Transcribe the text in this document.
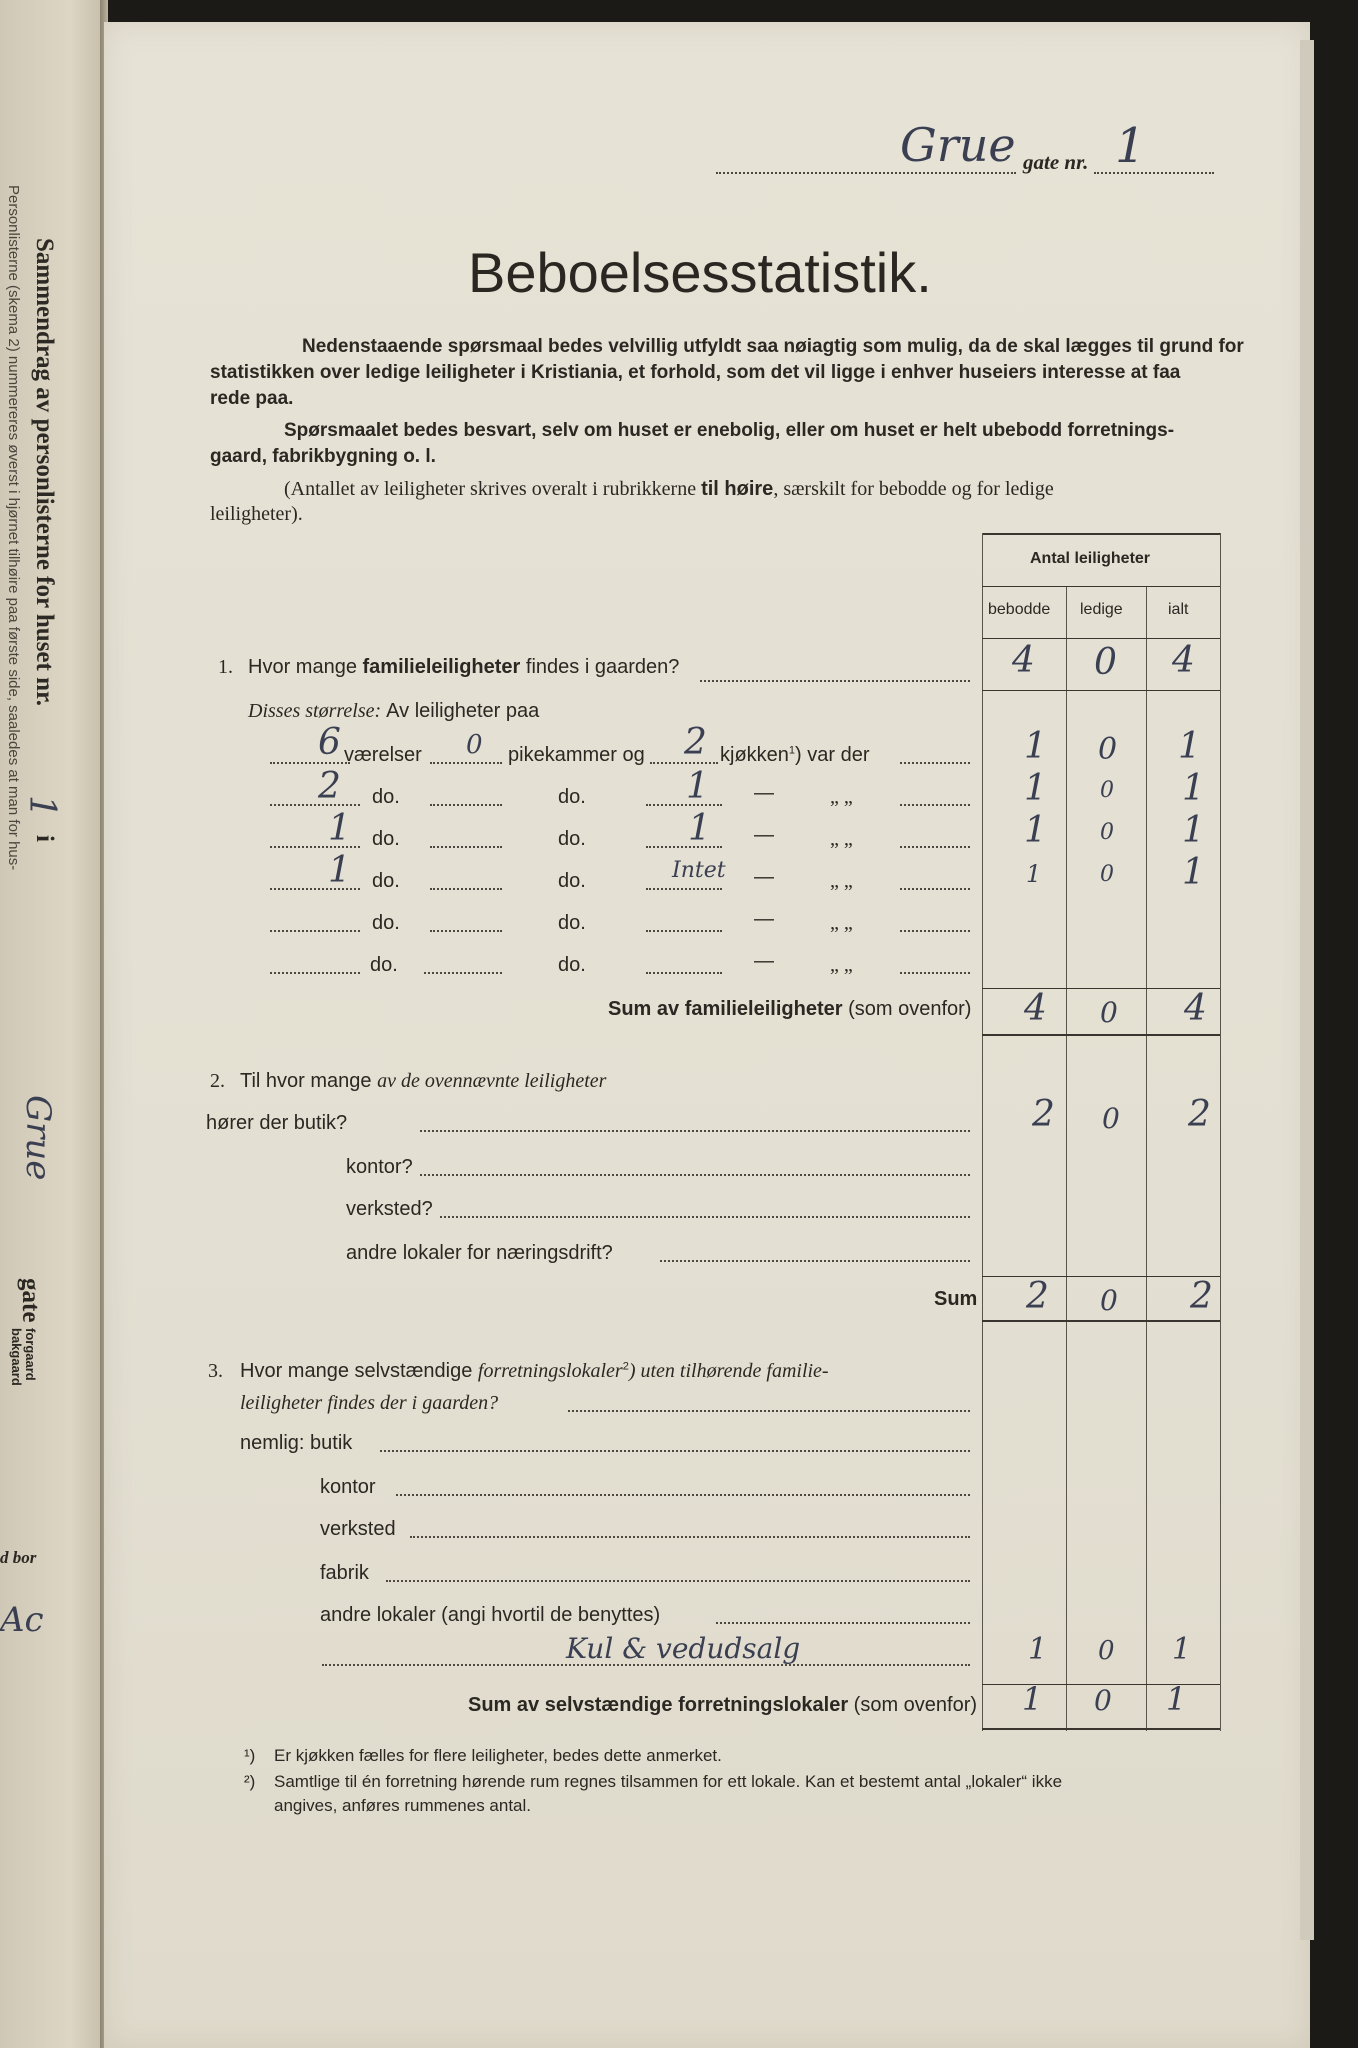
Personlisterne (skema 2) nummereres øverst i hjørnet tilhøire paa første side, saaledes at man for hus- Sammendrag av personlisterne for huset nr.
1
i
Grue
gate
forgaard
bakgaard
d bor
Ac
Grue gate nr. 1
Beboelsesstatistik.
Nedenstaaende spørsmaal bedes velvillig utfyldt saa nøiagtig som mulig, da de skal lægges til grund for
statistikken over ledige leiligheter i Kristiania, et forhold, som det vil ligge i enhver huseiers interesse at faa
rede paa.
Spørsmaalet bedes besvart, selv om huset er enebolig, eller om huset er helt ubebodd forretnings-
gaard, fabrikbygning o. l.
(Antallet av leiligheter skrives overalt i rubrikkerne til høire, særskilt for bebodde og for ledige
leiligheter).
Antal leiligheter
bebodde ledige	ialt
1. Hvor mange familieleiligheter findes i gaarden?	4 0 4
Disses størrelse: Av leiligheter paa
6 værelser 0 pikekammer og 2 kjøkken$^1$) var der	1 0 1
2 do.	do.	1 —	„ „	1 0 1
1 do.	do.	1 —	„ „	1 0 1
1 do.	do.	Intet —	„ „	1	0 1
do.	do.	—	„ „
do.	do.	—	„ „
Sum av familieleiligheter (som ovenfor) 4 0 4
2. Til hvor mange av de ovennævnte leiligheter
hører der butik?	2 0 2
kontor?
verksted?
andre lokaler for næringsdrift?
Sum 2 0 2
3. Hvor mange selvstændige forretningslokaler$^2$) uten tilhørende familie-
leiligheter findes der i gaarden?
nemlig: butik
kontor
verksted
fabrik
andre lokaler (angi hvortil de benyttes)
Kul & vedudsalg	1 0 1
Sum av selvstændige forretningslokaler (som ovenfor) 1 0 1
¹) Er kjøkken fælles for flere leiligheter, bedes dette anmerket.
²) Samtlige til én forretning hørende rum regnes tilsammen for ett lokale. Kan et bestemt antal „lokaler“ ikke
angives, anføres rummenes antal.
